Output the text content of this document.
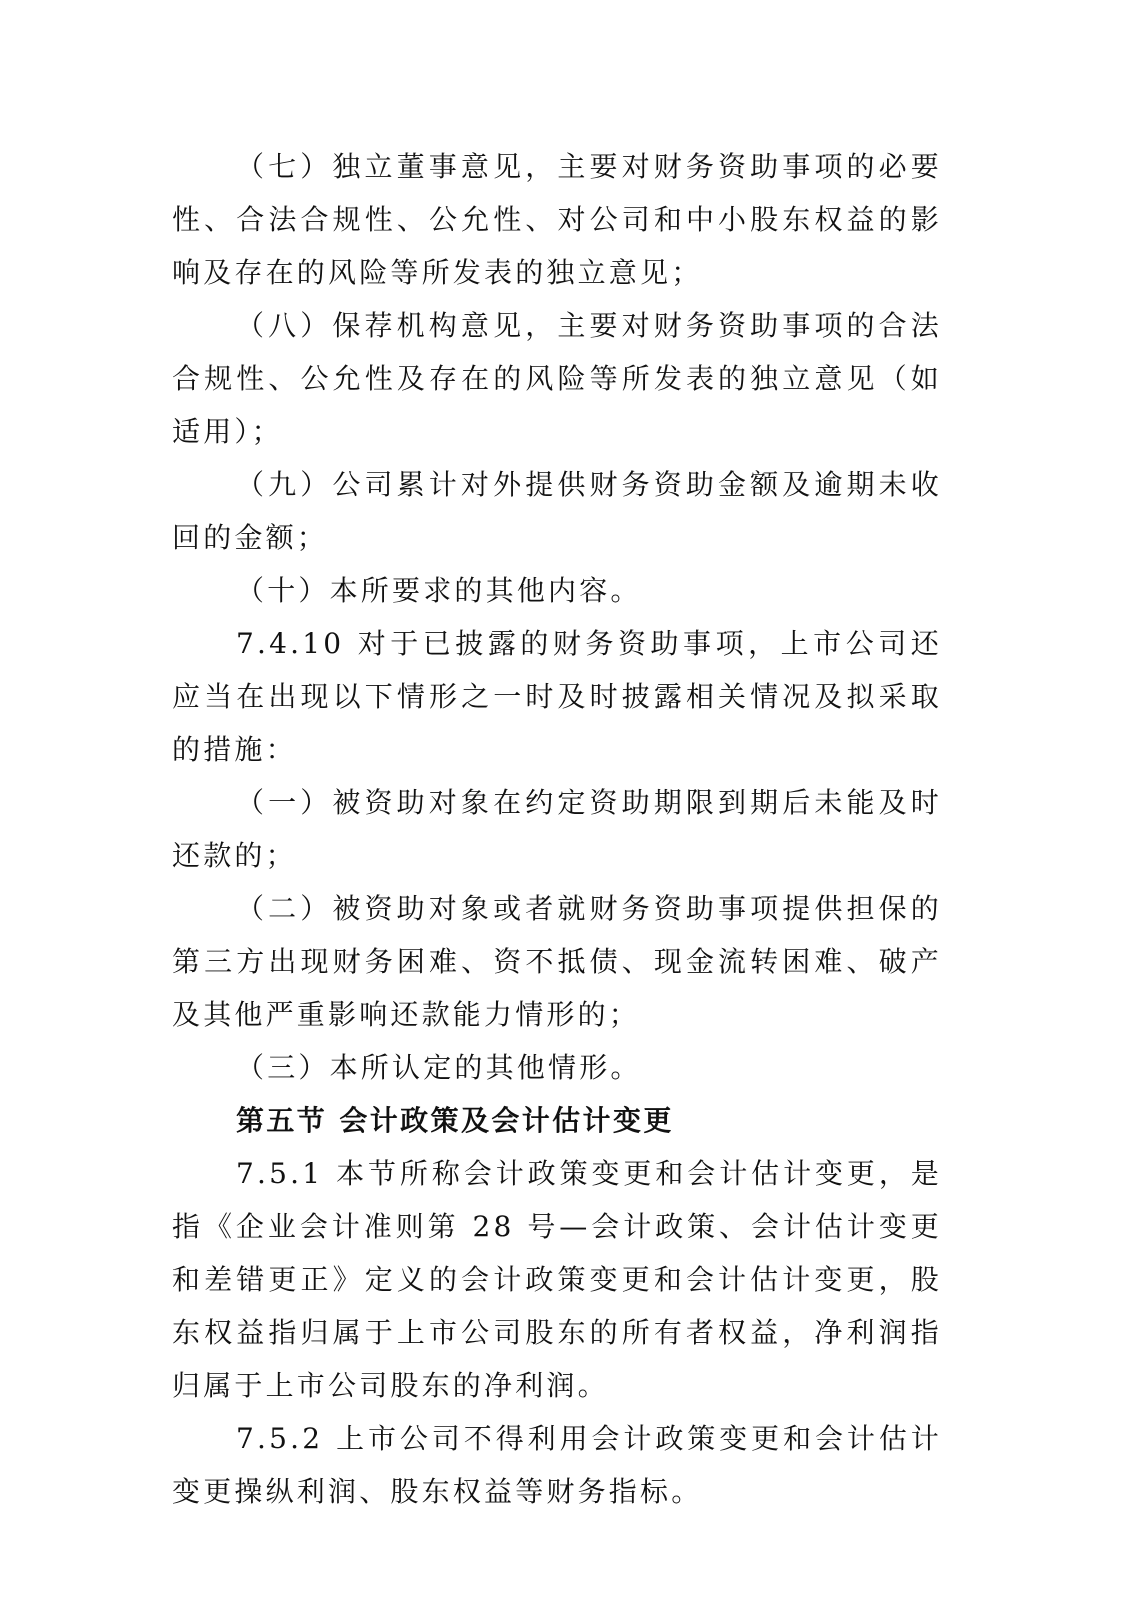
（七）独立董事意见，主要对财务资助事项的必要性、合法合规性、公允性、对公司和中小股东权益的影响及存在的风险等所发表的独立意见；

（八）保荐机构意见，主要对财务资助事项的合法合规性、公允性及存在的风险等所发表的独立意见（如适用）；

（九）公司累计对外提供财务资助金额及逾期未收回的金额；

（十）本所要求的其他内容。

7.4.10 对于已披露的财务资助事项，上市公司还应当在出现以下情形之一时及时披露相关情况及拟采取的措施：

（一）被资助对象在约定资助期限到期后未能及时还款的；

（二）被资助对象或者就财务资助事项提供担保的第三方出现财务困难、资不抵债、现金流转困难、破产及其他严重影响还款能力情形的；

（三）本所认定的其他情形。

第五节 会计政策及会计估计变更

7.5.1 本节所称会计政策变更和会计估计变更，是指《企业会计准则第 28 号—会计政策、会计估计变更和差错更正》定义的会计政策变更和会计估计变更，股东权益指归属于上市公司股东的所有者权益，净利润指归属于上市公司股东的净利润。

7.5.2 上市公司不得利用会计政策变更和会计估计变更操纵利润、股东权益等财务指标。
